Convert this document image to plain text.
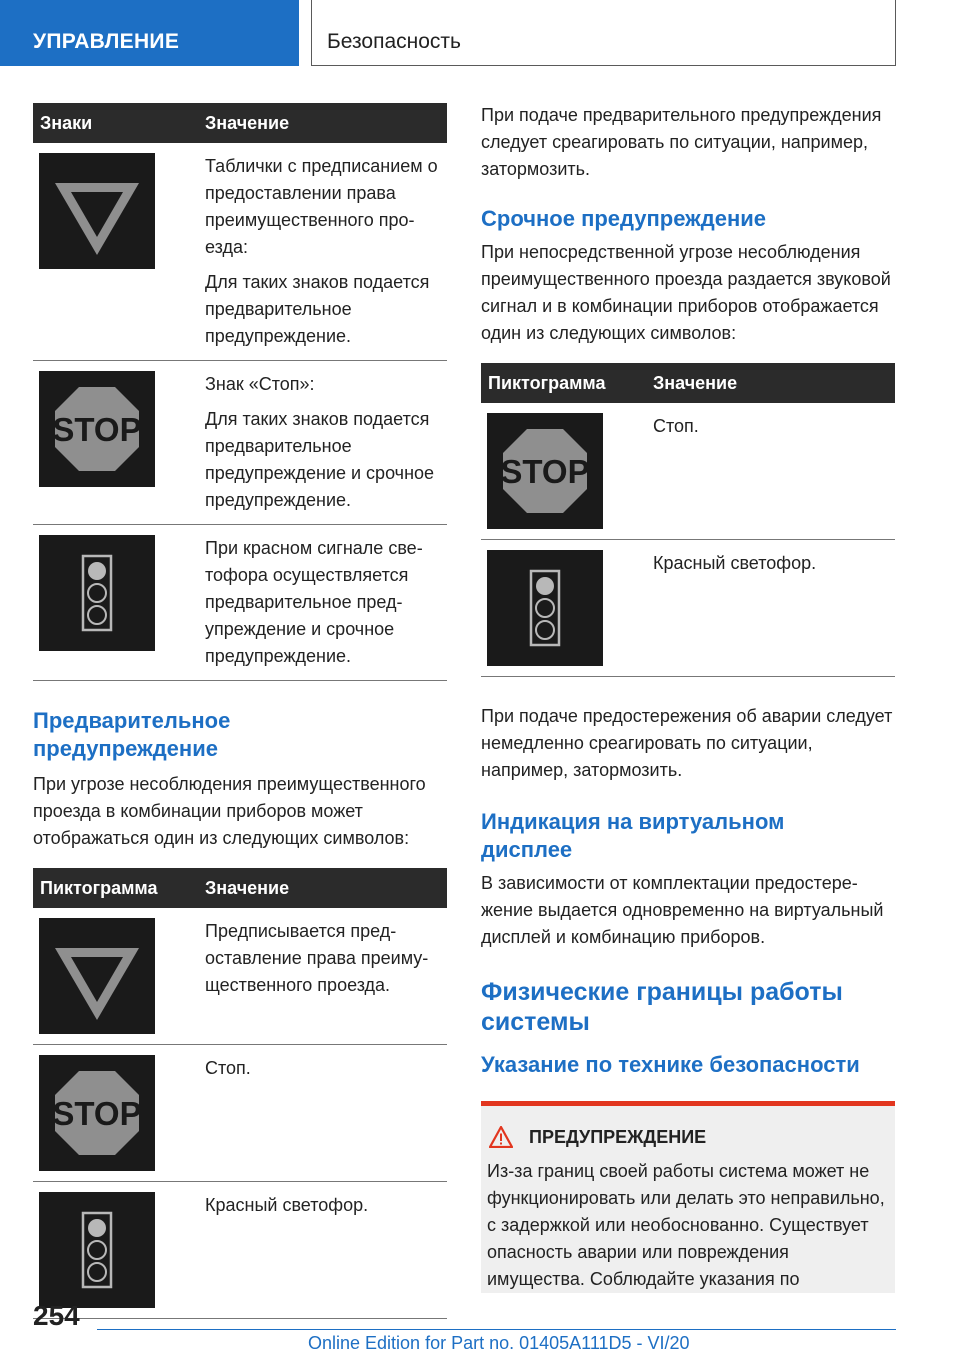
УПРАВЛЕНИЕ	Безопасность
Знаки	Значение

Таблички с предписанием о предоставлении права преимущественного проезда:

Для таких знаков подается предварительное предупреждение.

Знак «Стоп»:

Для таких знаков подается предварительное предупреждение и срочное предупреждение.

При красном сигнале светофора осуществляется предварительное предупреждение и срочное предупреждение.

Предварительное
предупреждение
При угрозе несоблюдения преимущественного проезда в комбинации приборов может отображаться один из следующих символов:
Пиктограмма	Значение

Предписывается предоставление права преимущественного проезда.

Стоп.

Красный светофор.

При подаче предварительного предупреждения следует среагировать по ситуации, например, затормозить.
Срочное предупреждение
При непосредственной угрозе несоблюдения преимущественного проезда раздается звуковой сигнал и в комбинации приборов отображается один из следующих символов:
Пиктограмма	Значение

Стоп.

Красный светофор.

При подаче предостережения об аварии следует немедленно среагировать по ситуации, например, затормозить.
Индикация на виртуальном
дисплее
В зависимости от комплектации предостережение выдается одновременно на виртуальный дисплей и комбинацию приборов.
Физические границы работы
системы
Указание по технике безопасности
ПРЕДУПРЕЖДЕНИЕ
Из-за границ своей работы система может не функционировать или делать это неправильно, с задержкой или необоснованно. Существует опасность аварии или повреждения имущества. Соблюдайте указания по
254
Online Edition for Part no. 01405A111D5 - VI/20
